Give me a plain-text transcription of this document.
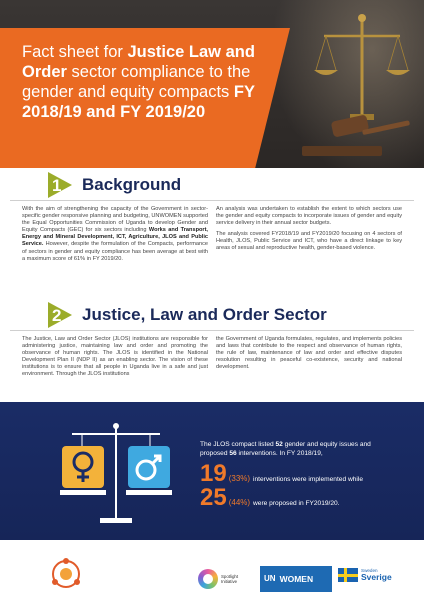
Fact sheet for Justice Law and Order sector compliance to the gender and equity compacts FY 2018/19 and FY 2019/20
1 Background
With the aim of strengthening the capacity of the Government in sector-specific gender responsive planning and budgeting, UNWOMEN supported the Equal Opportunities Commission of Uganda to develop Gender and Equity Compacts (GEC) for six sectors including Works and Transport, Energy and Mineral Development, ICT, Agriculture, JLOS and Public Service. However, despite the formulation of the Compacts, performance of sectors in gender and equity compliance has been average at best with a maximum score of 61% in FY 2019/20.

An analysis was undertaken to establish the extent to which sectors use the gender and equity compacts to incorporate issues of gender and equity service delivery in their annual sector budgets.

The analysis covered FY2018/19 and FY2019/20 focusing on 4 sectors of Health, JLOS, Public Service and ICT, who have a direct linkage to key areas of sexual and reproductive health, gender-based violence.

2 Justice, Law and Order Sector
The Justice, Law and Order Sector (JLOS) institutions are responsible for administering justice, maintaining law and order and promoting the observance of human rights. The JLOS is identified in the National Development Plan II (NDP II) as an enabling sector. The vision of these institutions is to ensure that all people in Uganda live in a safe and just environment. Through the JLOS institutions
the Government of Uganda formulates, regulates, and implements policies and laws that contribute to the respect and observance of human rights, the rule of law, maintenance of law and order and effective disputes resolution resulting in peaceful co-existence, security and national development.
The JLOS compact listed 52 gender and equity issues and proposed 56 interventions. In FY 2018/19,
19 (33%) interventions were implemented while
25 (44%) were proposed in FY2019/20.
Spotlight
Initiative	UN WOMEN
Sweden
Sverige
